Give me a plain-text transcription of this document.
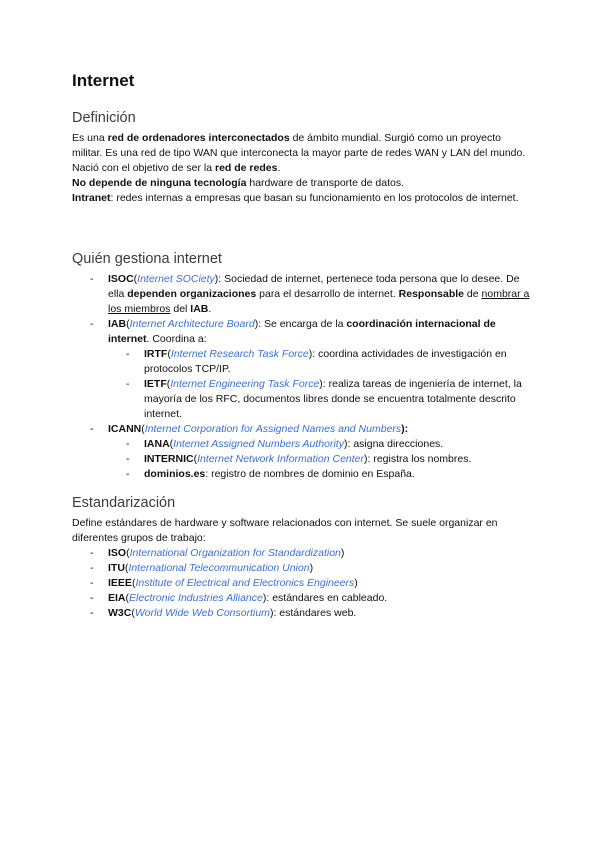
Internet
Definición

Es una red de ordenadores interconectados de ámbito mundial. Surgió como un proyecto militar. Es una red de tipo WAN que interconecta la mayor parte de redes WAN y LAN del mundo.

Nació con el objetivo de ser la red de redes.

No depende de ninguna tecnología hardware de transporte de datos.

Intranet: redes internas a empresas que basan su funcionamiento en los protocolos de internet.

Quién gestiona internet
- ISOC(Internet SOCiety): Sociedad de internet, pertenece toda persona que lo desee. De ella dependen organizaciones para el desarrollo de internet. Responsable de nombrar a los miembros del IAB.
- IAB(Internet Architecture Board): Se encarga de la coordinación internacional de internet. Coordina a:
- IRTF(Internet Research Task Force): coordina actividades de investigación en protocolos TCP/IP.
- IETF(Internet Engineering Task Force): realiza tareas de ingeniería de internet, la mayoría de los RFC, documentos libres donde se encuentra totalmente descrito internet.
- ICANN(Internet Corporation for Assigned Names and Numbers):
- IANA(Internet Assigned Numbers Authority): asigna direcciones.
- INTERNIC(Internet Network Information Center): registra los nombres.
- dominios.es: registro de nombres de dominio en España.
Estandarización

Define estándares de hardware y software relacionados con internet. Se suele organizar en diferentes grupos de trabajo:

- ISO(International Organization for Standardization)
- ITU(International Telecommunication Union)
- IEEE(Institute of Electrical and Electronics Engineers)
- EIA(Electronic Industries Alliance): estándares en cableado.
- W3C(World Wide Web Consortium): estándares web.
